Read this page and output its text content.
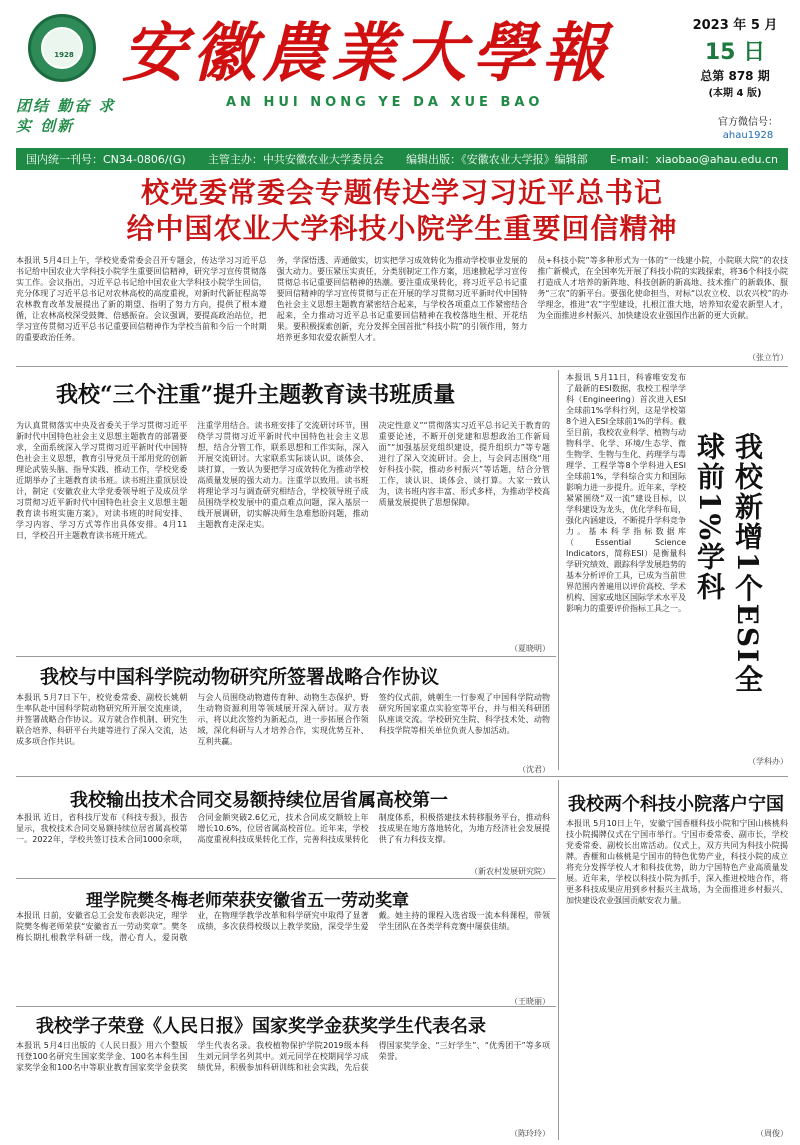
1928
团结 勤奋 求实 创新
安徽農業大學報
AN HUI NONG YE DA XUE BAO
2023 年 5 月
15 日
总第 878 期
(本期 4 版)
官方微信号：
ahau1928
国内统一刊号：CN34-0806/(G) 主管主办：中共安徽农业大学委员会 编辑出版：《安徽农业大学报》编辑部 E-mail：xiaobao@ahau.edu.cn
校党委常委会专题传达学习习近平总书记
给中国农业大学科技小院学生重要回信精神
本报讯 5月4日上午，学校党委常委会召开专题会，传达学习习近平总书记给中国农业大学科技小院学生重要回信精神，研究学习宣传贯彻落实工作。会议指出，习近平总书记给中国农业大学科技小院学生回信，充分体现了习近平总书记对农林高校的高度重视，对新时代新征程高等农林教育改革发展提出了新的期望、指明了努力方向，提供了根本遵循，让农林高校深受鼓舞、倍感振奋。会议强调，要提高政治站位，把学习宣传贯彻习近平总书记重要回信精神作为学校当前和今后一个时期的重要政治任务。
务，学深悟透、弄通做实，切实把学习成效转化为推动学校事业发展的强大动力。要压紧压实责任，分类别制定工作方案，迅速掀起学习宣传贯彻总书记重要回信精神的热潮。要注重成果转化，将习近平总书记重要回信精神的学习宣传贯彻与正在开展的学习贯彻习近平新时代中国特色社会主义思想主题教育紧密结合起来，与学校各项重点工作紧密结合起来，全力推动习近平总书记重要回信精神在我校落地生根、开花结果。要积极探索创新，充分发挥全国首批“科技小院”的引领作用，努力培养更多知农爱农新型人才。
员+科技小院”等多种形式为一体的“一线建小院，小院联大院”的农技推广新模式，在全国率先开展了科技小院的实践探索，将36个科技小院打造成人才培养的新阵地、科技创新的新高地、技术推广的新载体、服务“三农”的新平台。要强化使命担当，对标“以农立校、以农兴校”的办学理念，推进“农”字型建设，扎根江淮大地，培养知农爱农新型人才，为全面推进乡村振兴、加快建设农业强国作出新的更大贡献。
（张立竹）
我校“三个注重”提升主题教育读书班质量
为认真贯彻落实中央及省委关于学习贯彻习近平新时代中国特色社会主义思想主题教育的部署要求，全面系统深入学习贯彻习近平新时代中国特色社会主义思想，教育引导党员干部用党的创新理论武装头脑、指导实践、推动工作，学校党委近期举办了主题教育读书班。读书班注重顶层设计，制定《安徽农业大学党委领导班子及成员学习贯彻习近平新时代中国特色社会主义思想主题教育读书班实施方案》，对读书班的时间安排、学习内容、学习方式等作出具体安排。4月11日，学校召开主题教育读书班开班式。
注重学用结合。读书班安排了交流研讨环节，围绕学习贯彻习近平新时代中国特色社会主义思想，结合分管工作，联系思想和工作实际，深入开展交流研讨。大家联系实际谈认识、谈体会、谈打算，一致认为要把学习成效转化为推动学校高质量发展的强大动力。注重学以致用。读书班将理论学习与调查研究相结合，学校领导班子成员围绕学校发展中的重点难点问题，深入基层一线开展调研，切实解决师生急难愁盼问题，推动主题教育走深走实。
决定性意义”“贯彻落实习近平总书记关于教育的重要论述，不断开创党建和思想政治工作新局面”“加强基层党组织建设，提升组织力”等专题进行了深入交流研讨。会上，与会同志围绕“用好科技小院，推动乡村振兴”等话题，结合分管工作，谈认识、谈体会、谈打算。大家一致认为，读书班内容丰富、形式多样，为推动学校高质量发展提供了思想保障。
（夏晓明）
本报讯 5月11日，科睿唯安发布了最新的ESI数据，我校工程学学科（Engineering）首次进入ESI全球前1%学科行列，这是学校第8个进入ESI全球前1%的学科。截至目前，我校农业科学、植物与动物科学、化学、环境/生态学、微生物学、生物与生化、药理学与毒理学、工程学等8个学科进入ESI全球前1%，学科综合实力和国际影响力进一步提升。近年来，学校紧紧围绕“双一流”建设目标，以学科建设为龙头，优化学科布局，强化内涵建设，不断提升学科竞争力。基本科学指标数据库（Essential Science Indicators，简称ESI）是衡量科学研究绩效、跟踪科学发展趋势的基本分析评价工具，已成为当前世界范围内普遍用以评价高校、学术机构、国家或地区国际学术水平及影响力的重要评价指标工具之一。	我校新增1个ESI全球前1%学科
（学科办）
我校与中国科学院动物研究所签署战略合作协议
本报讯 5月7日下午，校党委常委、副校长姚朝生率队赴中国科学院动物研究所开展交流座谈，并签署战略合作协议。双方就合作机制、研究生联合培养、科研平台共建等进行了深入交流，达成多项合作共识。
与会人员围绕动物遗传育种、动物生态保护、野生动物资源利用等领域展开深入研讨。双方表示，将以此次签约为新起点，进一步拓展合作领域，深化科研与人才培养合作，实现优势互补、互利共赢。
签约仪式前，姚朝生一行参观了中国科学院动物研究所国家重点实验室等平台，并与相关科研团队座谈交流。学校研究生院、科学技术处、动物科技学院等相关单位负责人参加活动。
（沈君）
我校输出技术合同交易额持续位居省属高校第一
本报讯 近日，省科技厅发布《科技专报》，报告显示，我校技术合同交易额持续位居省属高校第一。2022年，学校共签订技术合同1000余项，合同金额突破2.6亿元，技术合同成交额较上年增长10.6%，位居省属高校首位。近年来，学校高度重视科技成果转化工作，完善科技成果转化制度体系，积极搭建技术转移服务平台，推动科技成果在地方落地转化，为地方经济社会发展提供了有力科技支撑。
（新农村发展研究院）
理学院樊冬梅老师荣获安徽省五一劳动奖章
本报讯 日前，安徽省总工会发布表彰决定，理学院樊冬梅老师荣获“安徽省五一劳动奖章”。樊冬梅长期扎根教学科研一线，潜心育人，爱岗敬业，在物理学教学改革和科学研究中取得了显著成绩，多次获得校级以上教学奖励，深受学生爱戴。她主持的课程入选省级一流本科课程，带领学生团队在各类学科竞赛中屡获佳绩。
（王晓丽）
我校学子荣登《人民日报》国家奖学金获奖学生代表名录
本报讯 5月4日出版的《人民日报》用六个整版刊登100名研究生国家奖学金、100名本科生国家奖学金和100名中等职业教育国家奖学金获奖学生代表名录。我校植物保护学院2019级本科生刘元同学名列其中。刘元同学在校期间学习成绩优异，积极参加科研训练和社会实践，先后获得国家奖学金、“三好学生”、“优秀团干”等多项荣誉。
（陈玲玲）
我校两个科技小院落户宁国
本报讯 5月10日上午，安徽宁国香榧科技小院和宁国山核桃科技小院揭牌仪式在宁国市举行。宁国市委常委、副市长，学校党委常委、副校长出席活动。仪式上，双方共同为科技小院揭牌。香榧和山核桃是宁国市的特色优势产业，科技小院的成立将充分发挥学校人才和科技优势，助力宁国特色产业高质量发展。近年来，学校以科技小院为抓手，深入推进校地合作，将更多科技成果应用到乡村振兴主战场，为全面推进乡村振兴、加快建设农业强国贡献安农力量。
（周俊）
